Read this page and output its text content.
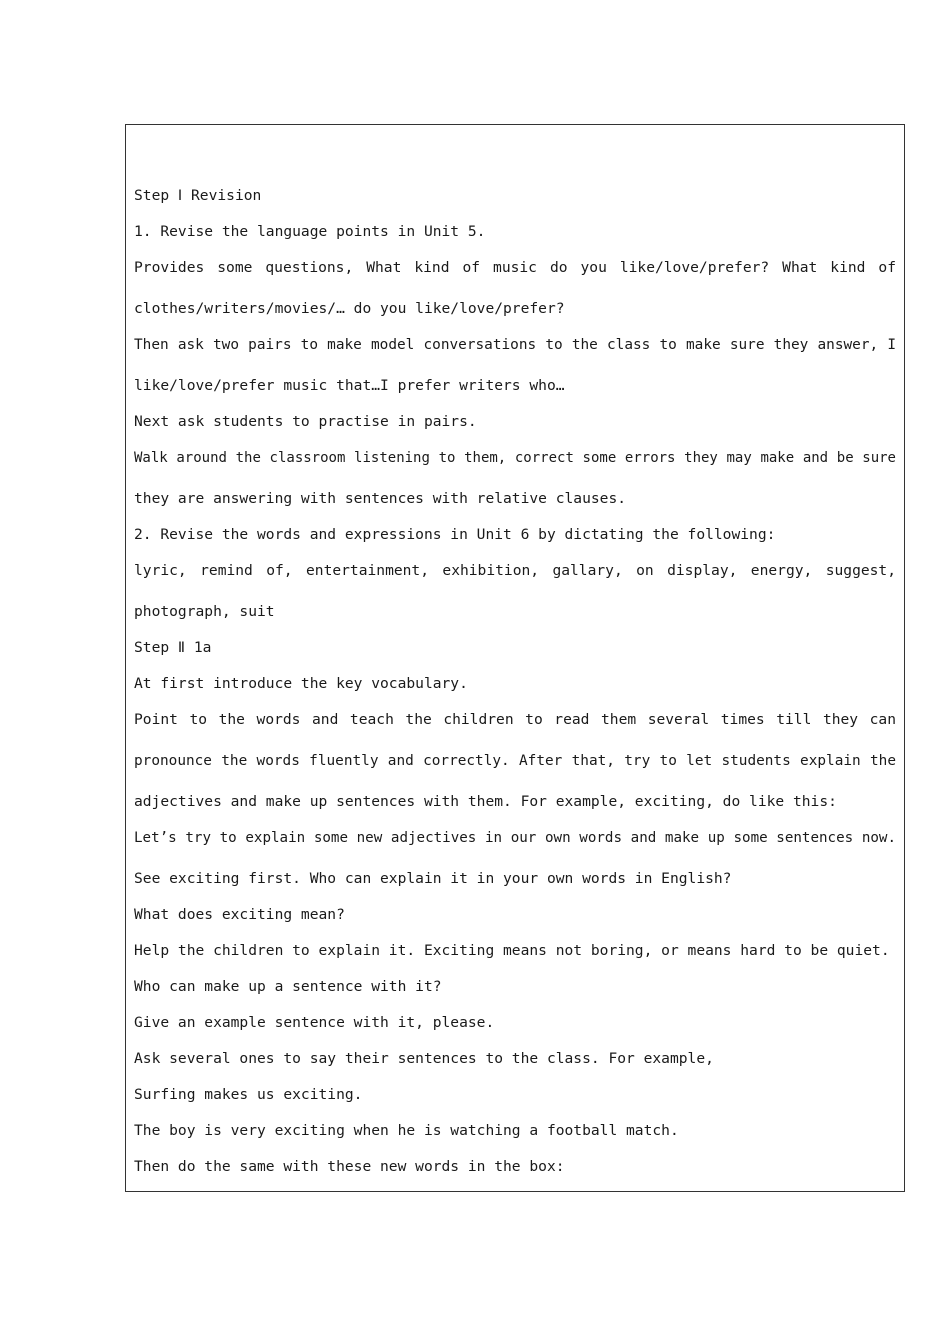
Step Ⅰ Revision
1. Revise the language points in Unit 5.
Provides some questions, What kind of music do you like/love/prefer? What kind of
clothes/writers/movies/… do you like/love/prefer?
Then ask two pairs to make model conversations to the class to make sure they answer, I
like/love/prefer music that…I prefer writers who…
Next ask students to practise in pairs.
Walk around the classroom listening to them, correct some errors they may make and be sure
they are answering with sentences with relative clauses.
2. Revise the words and expressions in Unit 6 by dictating the following:
lyric, remind of, entertainment, exhibition, gallary, on display, energy, suggest,
photograph, suit
Step Ⅱ 1a
At first introduce the key vocabulary.
Point to the words and teach the children to read them several times till they can
pronounce the words fluently and correctly. After that, try to let students explain the
adjectives and make up sentences with them. For example, exciting, do like this:
Let’s try to explain some new adjectives in our own words and make up some sentences now.
See exciting first. Who can explain it in your own words in English?
What does exciting mean?
Help the children to explain it. Exciting means not boring, or means hard to be quiet.
Who can make up a sentence with it?
Give an example sentence with it, please.
Ask several ones to say their sentences to the class. For example,
Surfing makes us exciting.
The boy is very exciting when he is watching a football match.
Then do the same with these new words in the box:
